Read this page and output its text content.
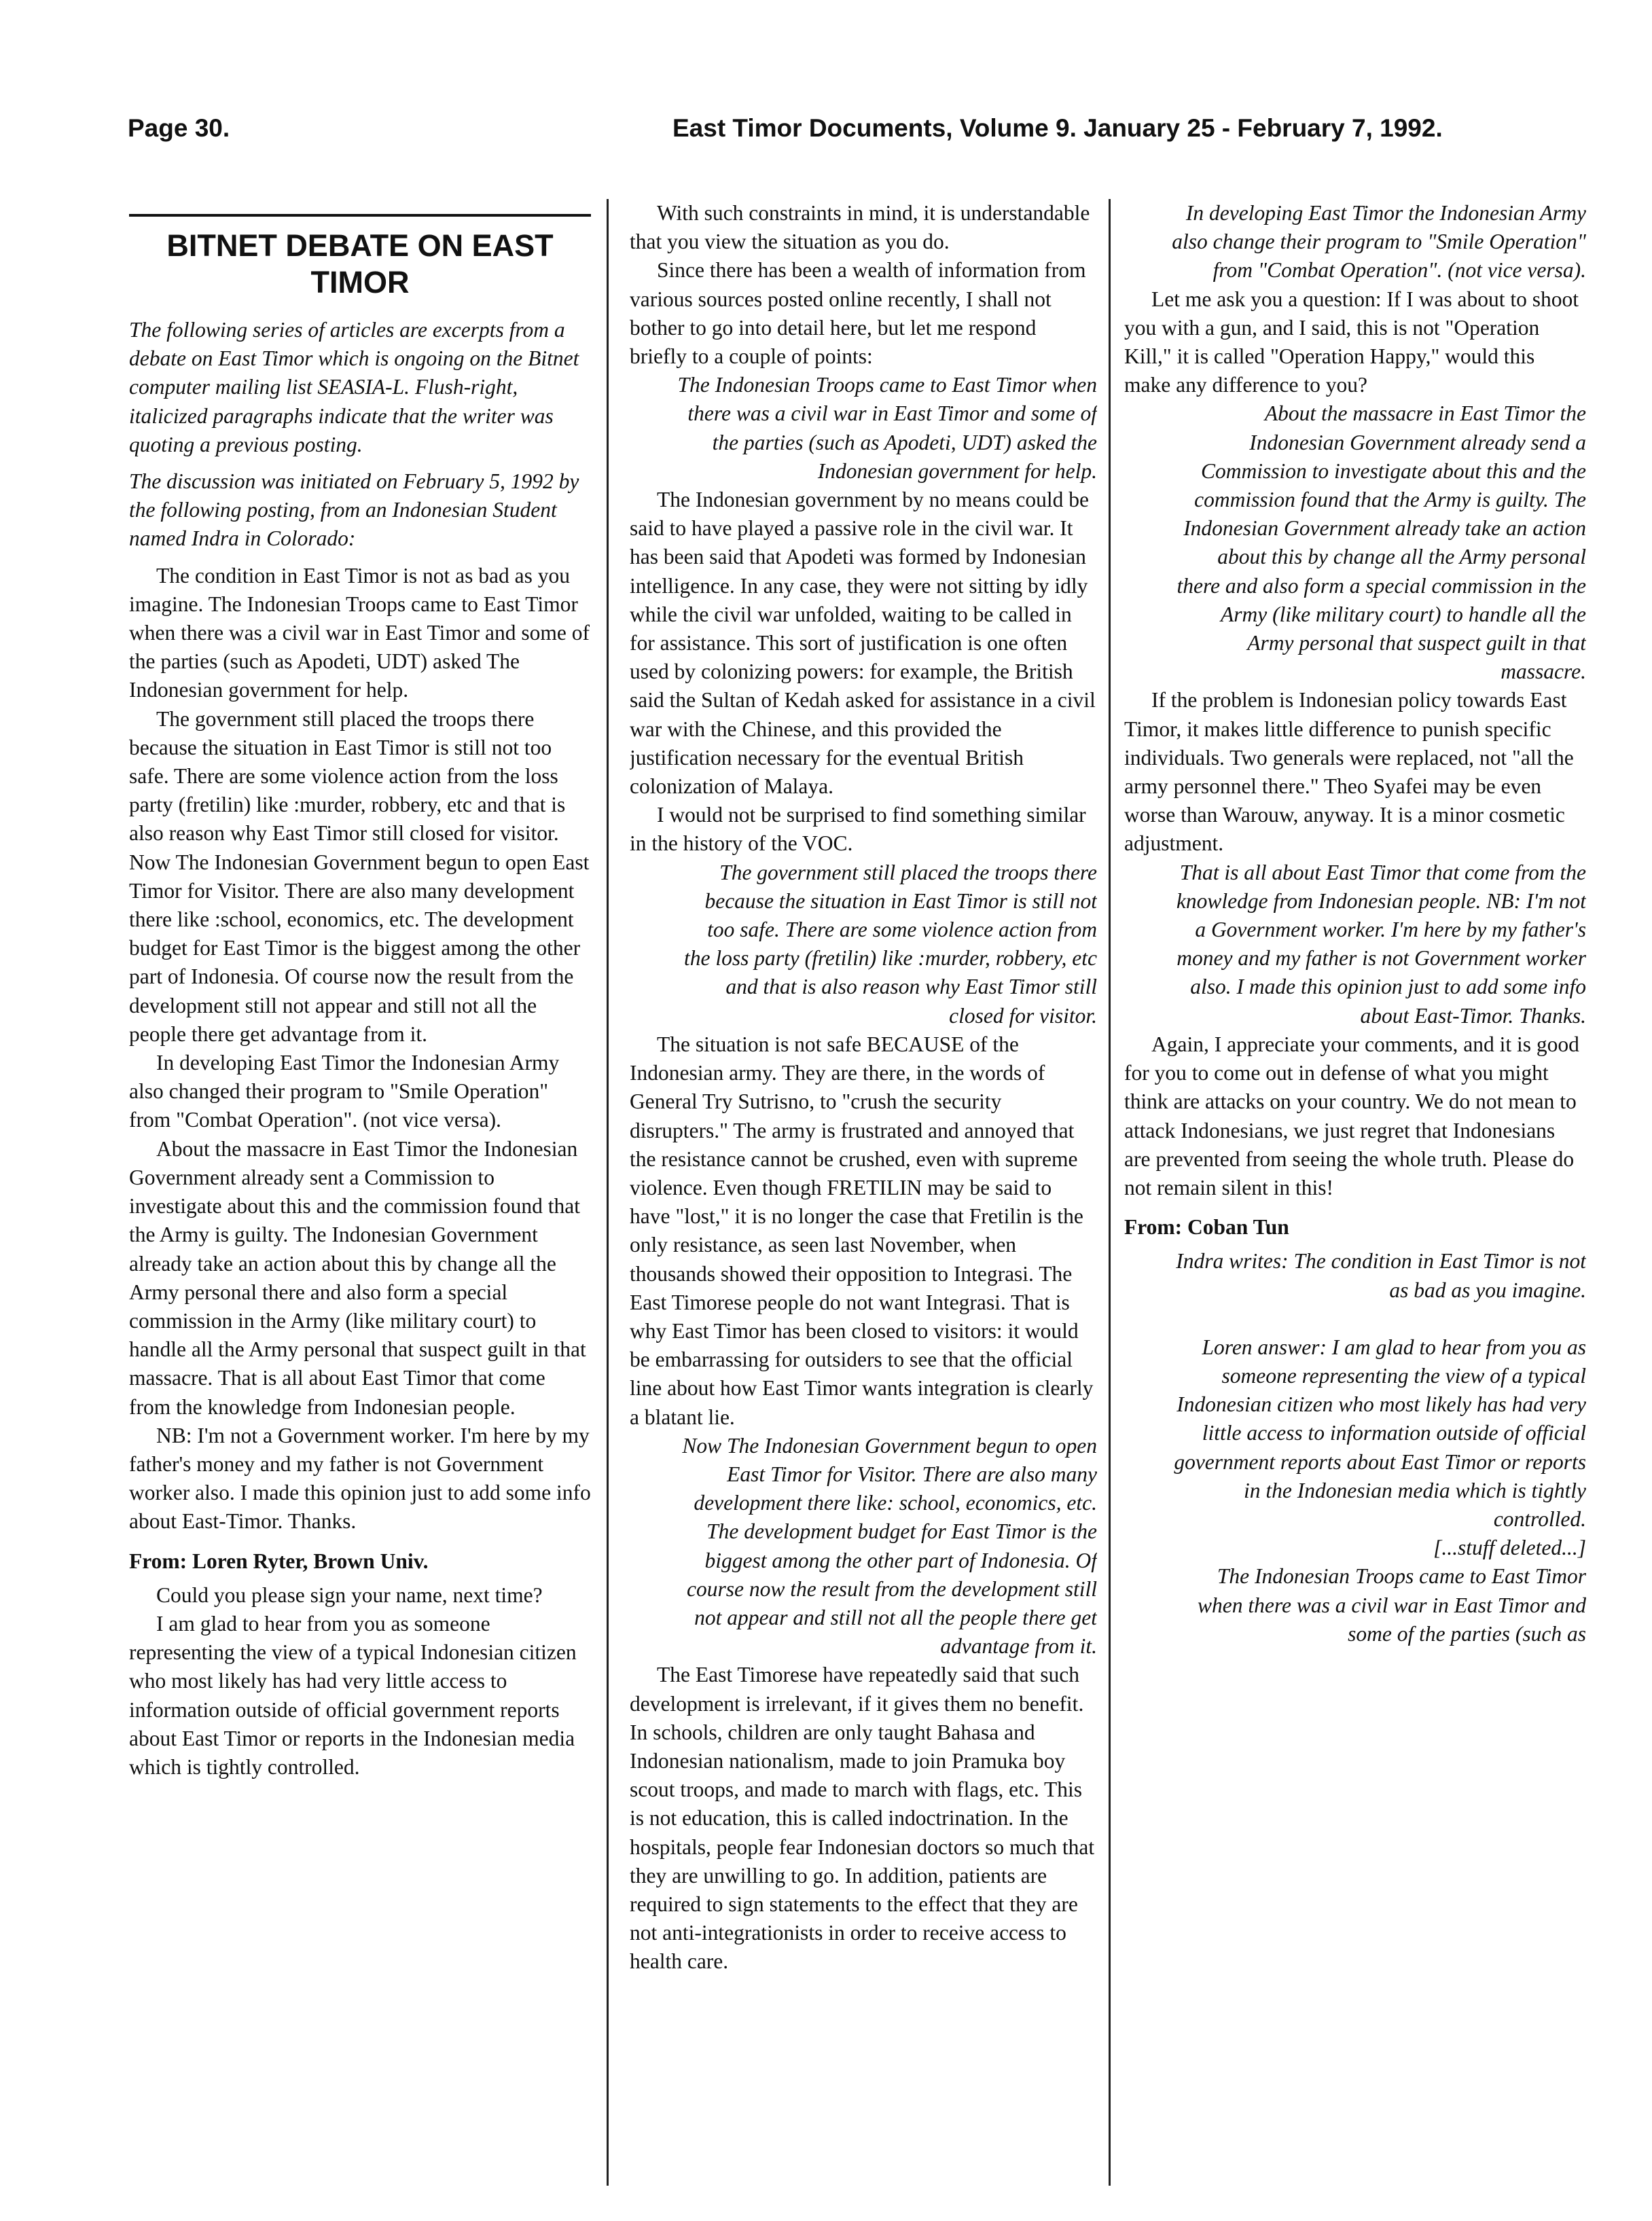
Page 30.	East Timor Documents, Volume 9. January 25 - February 7, 1992.
BITNET DEBATE ON EAST TIMOR

The following series of articles are excerpts from a debate on East Timor which is ongoing on the Bitnet computer mailing list SEASIA-L. Flush-right, italicized paragraphs indicate that the writer was quoting a previous posting.

The discussion was initiated on February 5, 1992 by the following posting, from an Indonesian Student named Indra in Colorado:

The condition in East Timor is not as bad as you imagine. The Indonesian Troops came to East Timor when there was a civil war in East Timor and some of the parties (such as Apodeti, UDT) asked The Indonesian government for help.

The government still placed the troops there because the situation in East Timor is still not too safe. There are some violence action from the loss party (fretilin) like :murder, robbery, etc and that is also reason why East Timor still closed for visitor. Now The Indonesian Government begun to open East Timor for Visitor. There are also many development there like :school, economics, etc. The development budget for East Timor is the biggest among the other part of Indonesia. Of course now the result from the development still not appear and still not all the people there get advantage from it.

In developing East Timor the Indonesian Army also changed their program to "Smile Operation" from "Combat Operation". (not vice versa).

About the massacre in East Timor the Indonesian Government already sent a Commission to investigate about this and the commission found that the Army is guilty. The Indonesian Government already take an action about this by change all the Army personal there and also form a special commission in the Army (like military court) to handle all the Army personal that suspect guilt in that massacre. That is all about East Timor that come from the knowledge from Indonesian people.

NB: I'm not a Government worker. I'm here by my father's money and my father is not Government worker also. I made this opinion just to add some info about East-Timor. Thanks.

From: Loren Ryter, Brown Univ.

Could you please sign your name, next time?

I am glad to hear from you as someone representing the view of a typical Indonesian citizen who most likely has had very little access to information outside of official government reports about East Timor or reports in the Indonesian media which is tightly controlled.

With such constraints in mind, it is understandable that you view the situation as you do.

Since there has been a wealth of information from various sources posted online recently, I shall not bother to go into detail here, but let me respond briefly to a couple of points:

The Indonesian Troops came to East Timor when there was a civil war in East Timor and some of the parties (such as Apodeti, UDT) asked the Indonesian government for help.

The Indonesian government by no means could be said to have played a passive role in the civil war. It has been said that Apodeti was formed by Indonesian intelligence. In any case, they were not sitting by idly while the civil war unfolded, waiting to be called in for assistance. This sort of justification is one often used by colonizing powers: for example, the British said the Sultan of Kedah asked for assistance in a civil war with the Chinese, and this provided the justification necessary for the eventual British colonization of Malaya.

I would not be surprised to find something similar in the history of the VOC.

The government still placed the troops there because the situation in East Timor is still not too safe. There are some violence action from the loss party (fretilin) like :murder, robbery, etc and that is also reason why East Timor still closed for visitor.

The situation is not safe BECAUSE of the Indonesian army. They are there, in the words of General Try Sutrisno, to "crush the security disrupters." The army is frustrated and annoyed that the resistance cannot be crushed, even with supreme violence. Even though FRETILIN may be said to have "lost," it is no longer the case that Fretilin is the only resistance, as seen last November, when thousands showed their opposition to Integrasi. The East Timorese people do not want Integrasi. That is why East Timor has been closed to visitors: it would be embarrassing for outsiders to see that the official line about how East Timor wants integration is clearly a blatant lie.

Now The Indonesian Government begun to open East Timor for Visitor. There are also many development there like: school, economics, etc. The development budget for East Timor is the biggest among the other part of Indonesia. Of course now the result from the development still not appear and still not all the people there get advantage from it.

The East Timorese have repeatedly said that such development is irrelevant, if it gives them no benefit. In schools, children are only taught Bahasa and Indonesian nationalism, made to join Pramuka boy scout troops, and made to march with flags, etc. This is not education, this is called indoctrination. In the hospitals, people fear Indonesian doctors so much that they are unwilling to go. In addition, patients are required to sign statements to the effect that they are not anti-integrationists in order to receive access to health care.

In developing East Timor the Indonesian Army also change their program to "Smile Operation" from "Combat Operation". (not vice versa).

Let me ask you a question: If I was about to shoot you with a gun, and I said, this is not "Operation Kill," it is called "Operation Happy," would this make any difference to you?

About the massacre in East Timor the Indonesian Government already send a Commission to investigate about this and the commission found that the Army is guilty. The Indonesian Government already take an action about this by change all the Army personal there and also form a special commission in the Army (like military court) to handle all the Army personal that suspect guilt in that massacre.

If the problem is Indonesian policy towards East Timor, it makes little difference to punish specific individuals. Two generals were replaced, not "all the army personnel there." Theo Syafei may be even worse than Warouw, anyway. It is a minor cosmetic adjustment.

That is all about East Timor that come from the knowledge from Indonesian people. NB: I'm not a Government worker. I'm here by my father's money and my father is not Government worker also. I made this opinion just to add some info about East-Timor. Thanks.

Again, I appreciate your comments, and it is good for you to come out in defense of what you might think are attacks on your country. We do not mean to attack Indonesians, we just regret that Indonesians are prevented from seeing the whole truth. Please do not remain silent in this!

From: Coban Tun

Indra writes: The condition in East Timor is not as bad as you imagine.

Loren answer: I am glad to hear from you as someone representing the view of a typical Indonesian citizen who most likely has had very little access to information outside of official government reports about East Timor or reports in the Indonesian media which is tightly controlled.

[...stuff deleted...]

The Indonesian Troops came to East Timor when there was a civil war in East Timor and some of the parties (such as
